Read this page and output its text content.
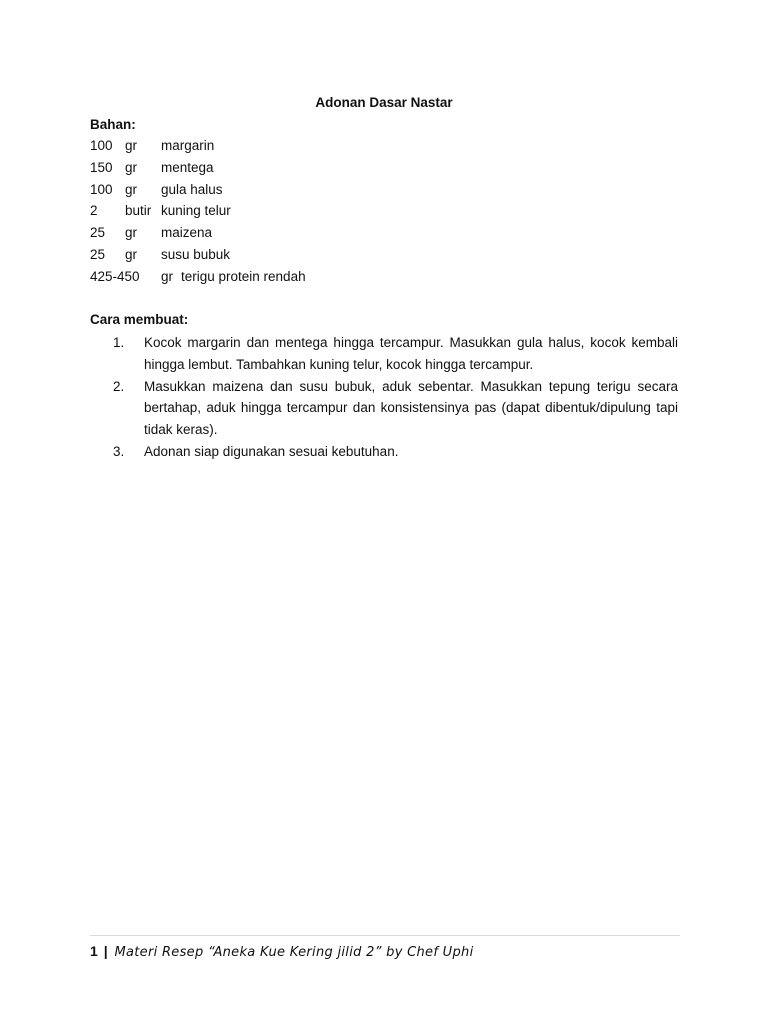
Adonan Dasar Nastar
Bahan:
100 gr margarin
150 gr mentega
100 gr gula halus
2 butir kuning telur
25 gr maizena
25 gr susu bubuk
425-450 gr terigu protein rendah
Cara membuat:
1. Kocok margarin dan mentega hingga tercampur. Masukkan gula halus, kocok kembali hingga lembut. Tambahkan kuning telur, kocok hingga tercampur.
2. Masukkan maizena dan susu bubuk, aduk sebentar. Masukkan tepung terigu secara bertahap, aduk hingga tercampur dan konsistensinya pas (dapat dibentuk/dipulung tapi tidak keras).
3. Adonan siap digunakan sesuai kebutuhan.
1 | Materi Resep “Aneka Kue Kering jilid 2” by Chef Uphi
